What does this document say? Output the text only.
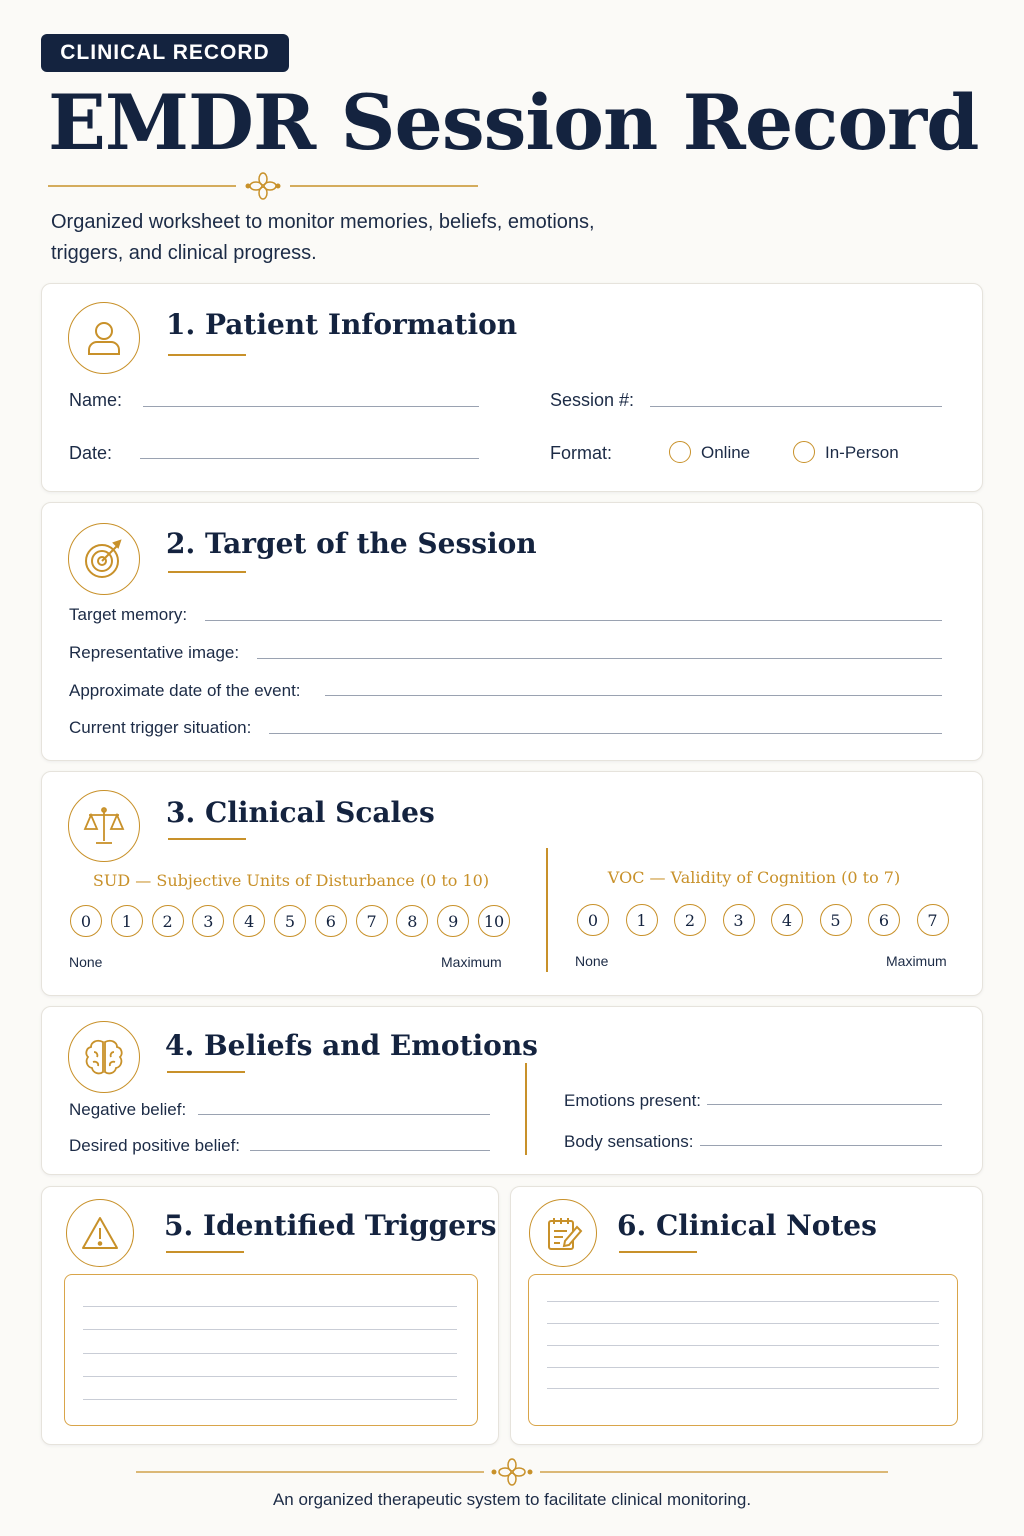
CLINICAL RECORD
EMDR Session Record
Organized worksheet to monitor memories, beliefs, emotions, triggers, and clinical progress.
1. Patient Information
Name:	Session #:
Date:	Format:	Online	In-Person
2. Target of the Session
Target memory:
Representative image:
Approximate date of the event:
Current trigger situation:
3. Clinical Scales
SUD — Subjective Units of Disturbance (0 to 10)
None	Maximum
VOC — Validity of Cognition (0 to 7)
None	Maximum
0	1	2	3	4	5	6	7	8	9	10	0	1	2	3	4	5	6	7
4. Beliefs and Emotions
Negative belief:
Desired positive belief:
Emotions present:
Body sensations:
5. Identified Triggers	6. Clinical Notes
An organized therapeutic system to facilitate clinical monitoring.
